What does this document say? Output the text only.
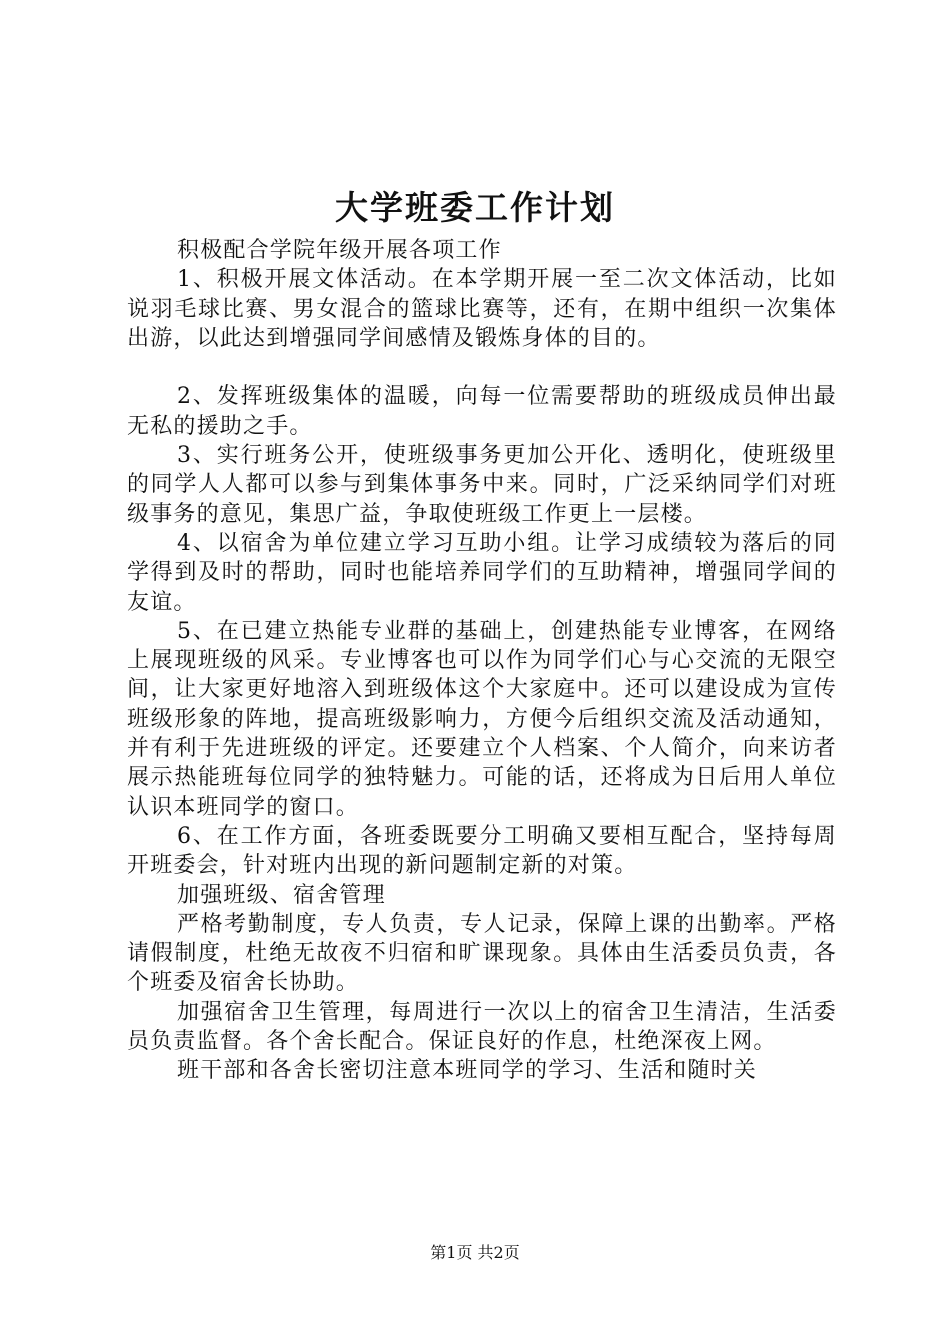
大学班委工作计划

积极配合学院年级开展各项工作

1、积极开展文体活动。在本学期开展一至二次文体活动，比如说羽毛球比赛、男女混合的篮球比赛等，还有，在期中组织一次集体出游，以此达到增强同学间感情及锻炼身体的目的。

2、发挥班级集体的温暖，向每一位需要帮助的班级成员伸出最无私的援助之手。

3、实行班务公开，使班级事务更加公开化、透明化，使班级里的同学人人都可以参与到集体事务中来。同时，广泛采纳同学们对班级事务的意见，集思广益，争取使班级工作更上一层楼。

4、以宿舍为单位建立学习互助小组。让学习成绩较为落后的同学得到及时的帮助，同时也能培养同学们的互助精神，增强同学间的友谊。

5、在已建立热能专业群的基础上，创建热能专业博客，在网络上展现班级的风采。专业博客也可以作为同学们心与心交流的无限空间，让大家更好地溶入到班级体这个大家庭中。还可以建设成为宣传班级形象的阵地，提高班级影响力，方便今后组织交流及活动通知，并有利于先进班级的评定。还要建立个人档案、个人简介，向来访者展示热能班每位同学的独特魅力。可能的话，还将成为日后用人单位认识本班同学的窗口。

6、在工作方面，各班委既要分工明确又要相互配合，坚持每周开班委会，针对班内出现的新问题制定新的对策。

加强班级、宿舍管理

严格考勤制度，专人负责，专人记录，保障上课的出勤率。严格请假制度，杜绝无故夜不归宿和旷课现象。具体由生活委员负责，各个班委及宿舍长协助。

加强宿舍卫生管理，每周进行一次以上的宿舍卫生清洁，生活委员负责监督。各个舍长配合。保证良好的作息，杜绝深夜上网。

班干部和各舍长密切注意本班同学的学习、生活和随时关

第1页 共2页
